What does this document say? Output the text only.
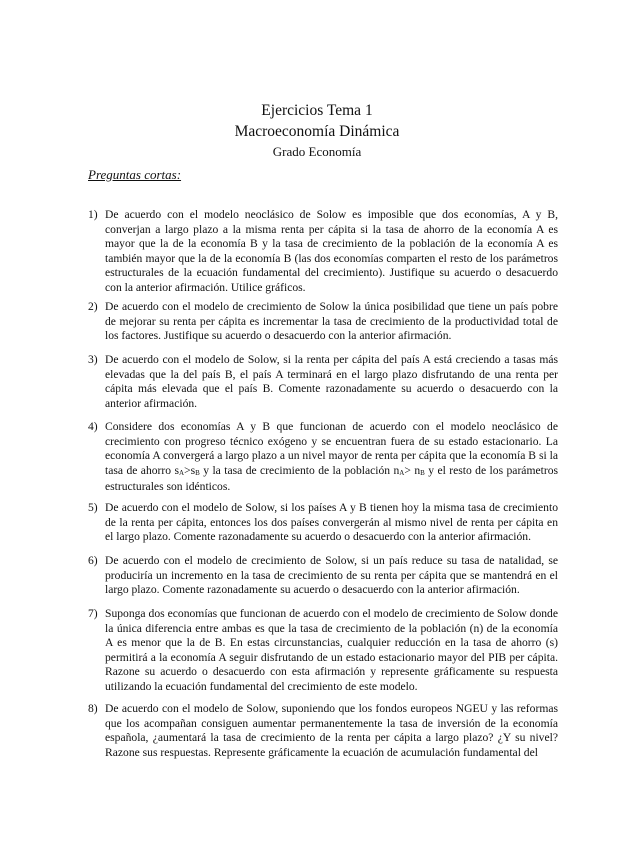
Ejercicios Tema 1
Macroeconomía Dinámica
Grado Economía
Preguntas cortas:
1) De acuerdo con el modelo neoclásico de Solow es imposible que dos economías, A y B, converjan a largo plazo a la misma renta per cápita si la tasa de ahorro de la economía A es mayor que la de la economía B y la tasa de crecimiento de la población de la economía A es también mayor que la de la economía B (las dos economías comparten el resto de los parámetros estructurales de la ecuación fundamental del crecimiento). Justifique su acuerdo o desacuerdo con la anterior afirmación. Utilice gráficos.
2) De acuerdo con el modelo de crecimiento de Solow la única posibilidad que tiene un país pobre de mejorar su renta per cápita es incrementar la tasa de crecimiento de la productividad total de los factores. Justifique su acuerdo o desacuerdo con la anterior afirmación.
3) De acuerdo con el modelo de Solow, si la renta per cápita del país A está creciendo a tasas más elevadas que la del país B, el país A terminará en el largo plazo disfrutando de una renta per cápita más elevada que el país B. Comente razonadamente su acuerdo o desacuerdo con la anterior afirmación.
4) Considere dos economías A y B que funcionan de acuerdo con el modelo neoclásico de crecimiento con progreso técnico exógeno y se encuentran fuera de su estado estacionario. La economía A convergerá a largo plazo a un nivel mayor de renta per cápita que la economía B si la tasa de ahorro $s_A>s_B$ y la tasa de crecimiento de la población $n_A> n_B$ y el resto de los parámetros estructurales son idénticos.
5) De acuerdo con el modelo de Solow, si los países A y B tienen hoy la misma tasa de crecimiento de la renta per cápita, entonces los dos países convergerán al mismo nivel de renta per cápita en el largo plazo. Comente razonadamente su acuerdo o desacuerdo con la anterior afirmación.
6) De acuerdo con el modelo de crecimiento de Solow, si un país reduce su tasa de natalidad, se produciría un incremento en la tasa de crecimiento de su renta per cápita que se mantendrá en el largo plazo. Comente razonadamente su acuerdo o desacuerdo con la anterior afirmación.
7) Suponga dos economías que funcionan de acuerdo con el modelo de crecimiento de Solow donde la única diferencia entre ambas es que la tasa de crecimiento de la población (n) de la economía A es menor que la de B. En estas circunstancias, cualquier reducción en la tasa de ahorro (s) permitirá a la economía A seguir disfrutando de un estado estacionario mayor del PIB per cápita. Razone su acuerdo o desacuerdo con esta afirmación y represente gráficamente su respuesta utilizando la ecuación fundamental del crecimiento de este modelo.
8) De acuerdo con el modelo de Solow, suponiendo que los fondos europeos NGEU y las reformas que los acompañan consiguen aumentar permanentemente la tasa de inversión de la economía española, ¿aumentará la tasa de crecimiento de la renta per cápita a largo plazo? ¿Y su nivel? Razone sus respuestas. Represente gráficamente la ecuación de acumulación fundamental del
